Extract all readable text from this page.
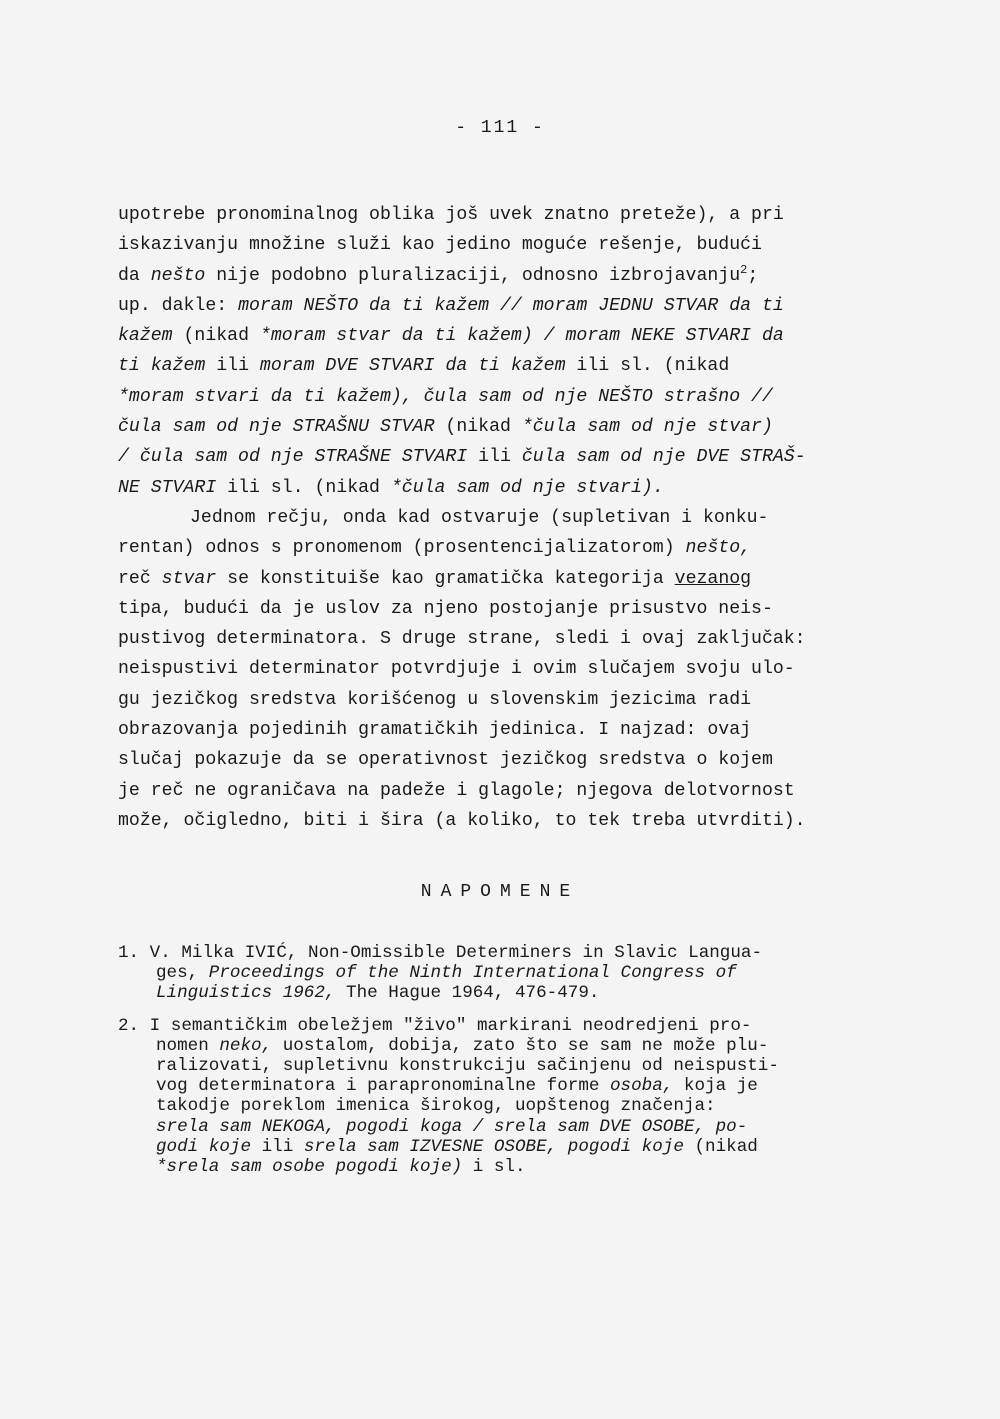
- 111 -
upotrebe pronominalnog oblika još uvek znatno preteže), a pri
iskazivanju množine služi kao jedino moguće rešenje, budući
da nešto nije podobno pluralizaciji, odnosno izbrojavanju$^2$;
up. dakle: moram NEŠTO da ti kažem // moram JEDNU STVAR da ti
kažem (nikad *moram stvar da ti kažem) / moram NEKE STVARI da
ti kažem ili moram DVE STVARI da ti kažem ili sl. (nikad
*moram stvari da ti kažem), čula sam od nje NEŠTO strašno //
čula sam od nje STRAŠNU STVAR (nikad *čula sam od nje stvar)
/ čula sam od nje STRAŠNE STVARI ili čula sam od nje DVE STRAŠ-
NE STVARI ili sl. (nikad *čula sam od nje stvari).
Jednom rečju, onda kad ostvaruje (supletivan i konku-
rentan) odnos s pronomenom (prosentencijalizatorom) nešto,
reč stvar se konstituiše kao gramatička kategorija vezanog
tipa, budući da je uslov za njeno postojanje prisustvo neis-
pustivog determinatora. S druge strane, sledi i ovaj zaključak:
neispustivi determinator potvrdjuje i ovim slučajem svoju ulo-
gu jezičkog sredstva korišćenog u slovenskim jezicima radi
obrazovanja pojedinih gramatičkih jedinica. I najzad: ovaj
slučaj pokazuje da se operativnost jezičkog sredstva o kojem
je reč ne ograničava na padeže i glagole; njegova delotvornost
može, očigledno, biti i šira (a koliko, to tek treba utvrditi).
NAPOMENE
1. V. Milka IVIĆ, Non-Omissible Determiners in Slavic Langua-
ges, Proceedings of the Ninth International Congress of
Linguistics 1962, The Hague 1964, 476-479.
2. I semantičkim obeležjem "živo" markirani neodredjeni pro-
nomen neko, uostalom, dobija, zato što se sam ne može plu-
ralizovati, supletivnu konstrukciju sačinjenu od neispusti-
vog determinatora i parapronominalne forme osoba, koja je
takodje poreklom imenica širokog, uopštenog značenja:
srela sam NEKOGA, pogodi koga / srela sam DVE OSOBE, po-
godi koje ili srela sam IZVESNE OSOBE, pogodi koje (nikad
*srela sam osobe pogodi koje) i sl.
